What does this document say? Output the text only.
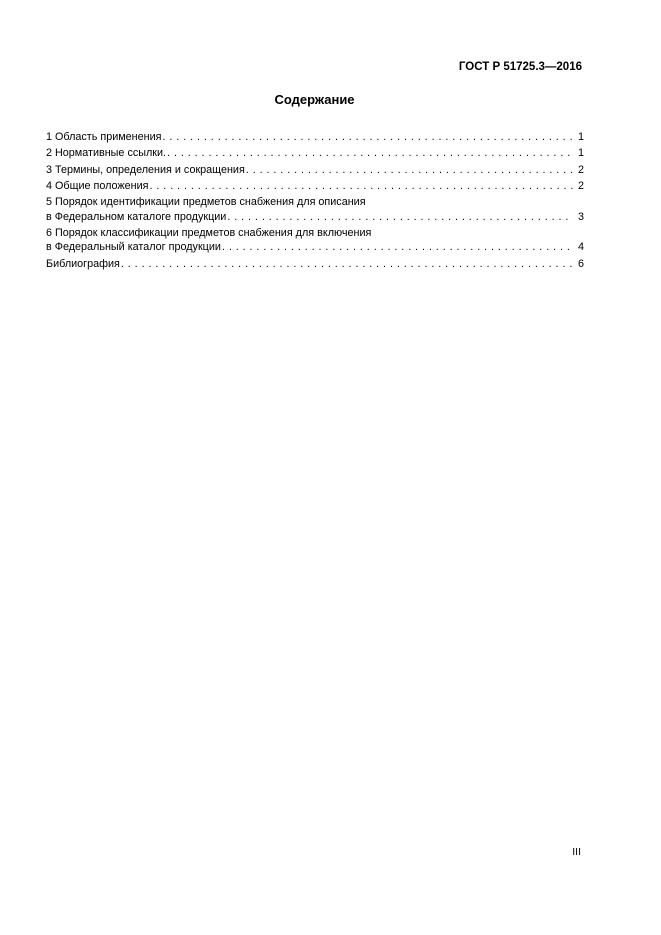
ГОСТ Р 51725.3—2016
Содержание
1 Область применения . . .	1
2 Нормативные ссылки. . . .	1
3 Термины, определения и сокращения . . .	2
4 Общие положения . . .	2
5 Порядок идентификации предметов снабжения для описания
в Федеральном каталоге продукции . . .	3
6 Порядок классификации предметов снабжения для включения
в Федеральный каталог продукции . . .	4
Библиография . . .	6
III
